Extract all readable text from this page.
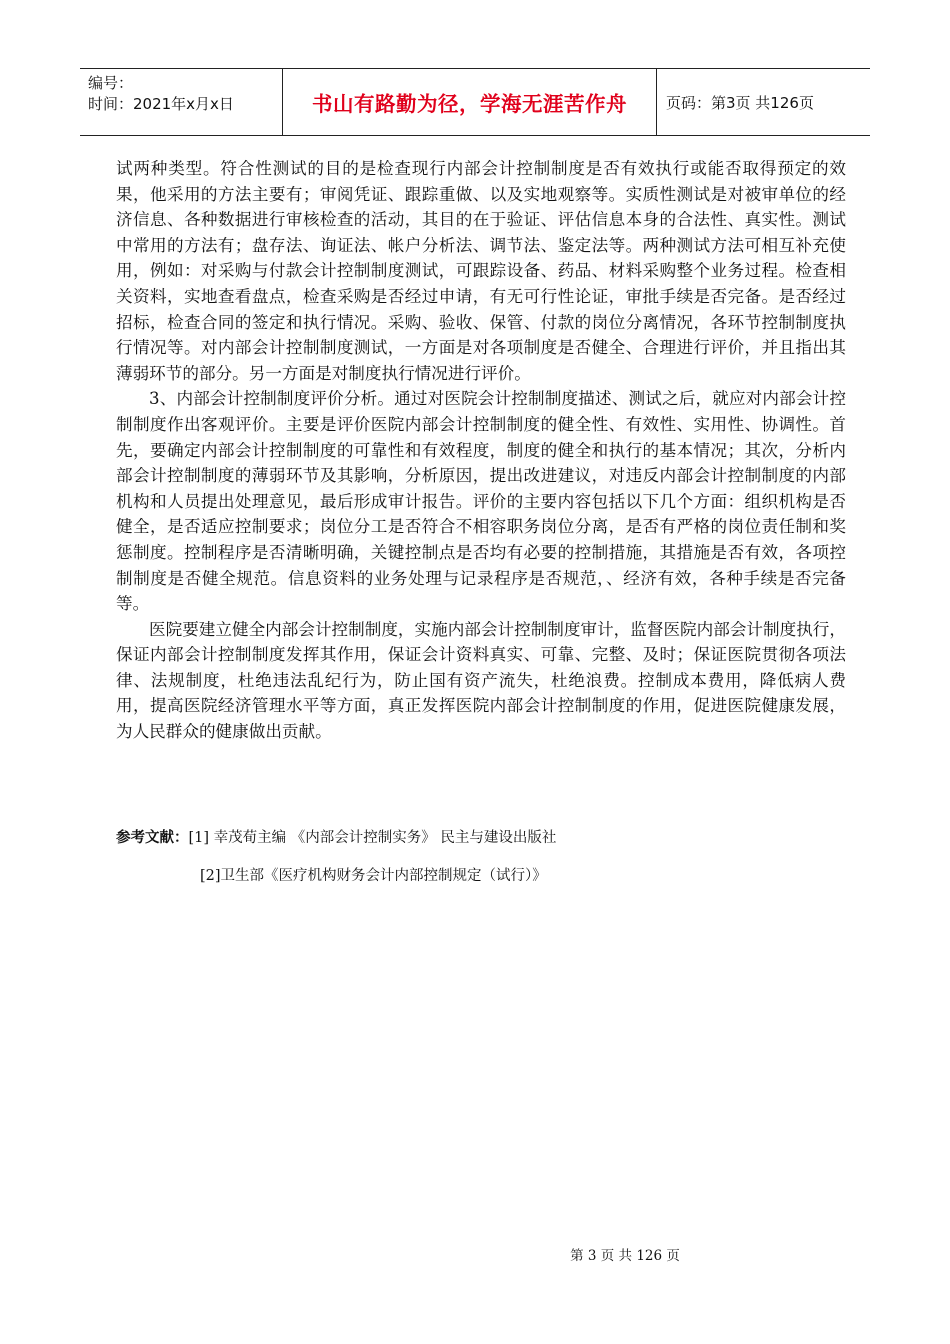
编号：
时间：2021年x月x日	书山有路勤为径，学海无涯苦作舟	页码：第3页 共126页

试两种类型。符合性测试的目的是检查现行内部会计控制制度是否有效执行或能否取得预定的效果，他采用的方法主要有；审阅凭证、跟踪重做、以及实地观察等。实质性测试是对被审单位的经济信息、各种数据进行审核检查的活动，其目的在于验证、评估信息本身的合法性、真实性。测试中常用的方法有；盘存法、询证法、帐户分析法、调节法、鉴定法等。两种测试方法可相互补充使用，例如：对采购与付款会计控制制度测试，可跟踪设备、药品、材料采购整个业务过程。检查相关资料，实地查看盘点，检查采购是否经过申请，有无可行性论证，审批手续是否完备。是否经过招标，检查合同的签定和执行情况。采购、验收、保管、付款的岗位分离情况，各环节控制制度执行情况等。对内部会计控制制度测试，一方面是对各项制度是否健全、合理进行评价，并且指出其薄弱环节的部分。另一方面是对制度执行情况进行评价。

3、内部会计控制制度评价分析。通过对医院会计控制制度描述、测试之后，就应对内部会计控制制度作出客观评价。主要是评价医院内部会计控制制度的健全性、有效性、实用性、协调性。首先，要确定内部会计控制制度的可靠性和有效程度，制度的健全和执行的基本情况；其次，分析内部会计控制制度的薄弱环节及其影响，分析原因，提出改进建议，对违反内部会计控制制度的内部机构和人员提出处理意见，最后形成审计报告。评价的主要内容包括以下几个方面：组织机构是否健全，是否适应控制要求；岗位分工是否符合不相容职务岗位分离，是否有严格的岗位责任制和奖惩制度。控制程序是否清晰明确，关键控制点是否均有必要的控制措施，其措施是否有效，各项控制制度是否健全规范。信息资料的业务处理与记录程序是否规范，、经济有效，各种手续是否完备等。

医院要建立健全内部会计控制制度，实施内部会计控制制度审计，监督医院内部会计制度执行，保证内部会计控制制度发挥其作用，保证会计资料真实、可靠、完整、及时；保证医院贯彻各项法律、法规制度，杜绝违法乱纪行为，防止国有资产流失，杜绝浪费。控制成本费用，降低病人费用，提高医院经济管理水平等方面，真正发挥医院内部会计控制制度的作用，促进医院健康发展，为人民群众的健康做出贡献。

参考文献：[1] 幸茂荀主编 《内部会计控制实务》 民主与建设出版社
[2]卫生部《医疗机构财务会计内部控制规定（试行）》
第 3 页 共 126 页
